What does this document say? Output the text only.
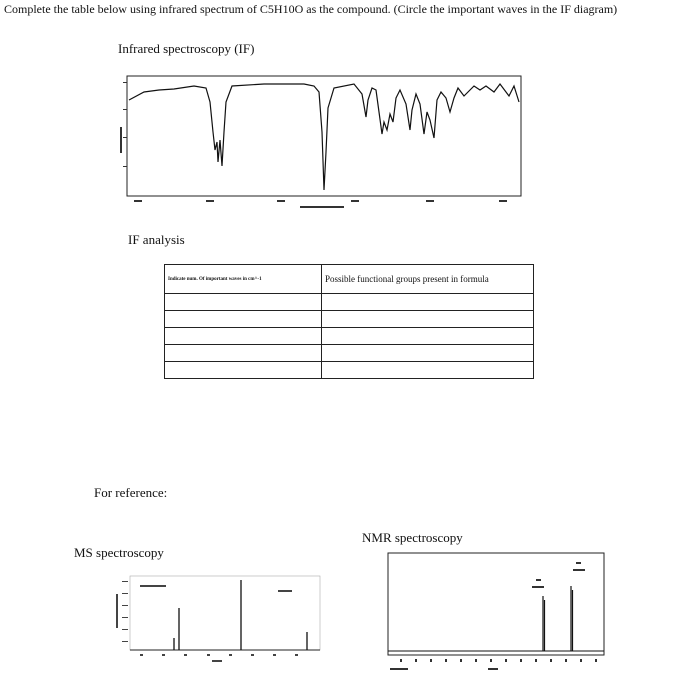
Complete the table below using infrared spectrum of C5H10O as the compound. (Circle the important waves in the IF diagram)
Infrared spectroscopy (IF)
IF analysis
Indicate num. Of important waves in cm^-1	Possible functional groups present in formula

For reference:
MS spectroscopy
NMR spectroscopy
